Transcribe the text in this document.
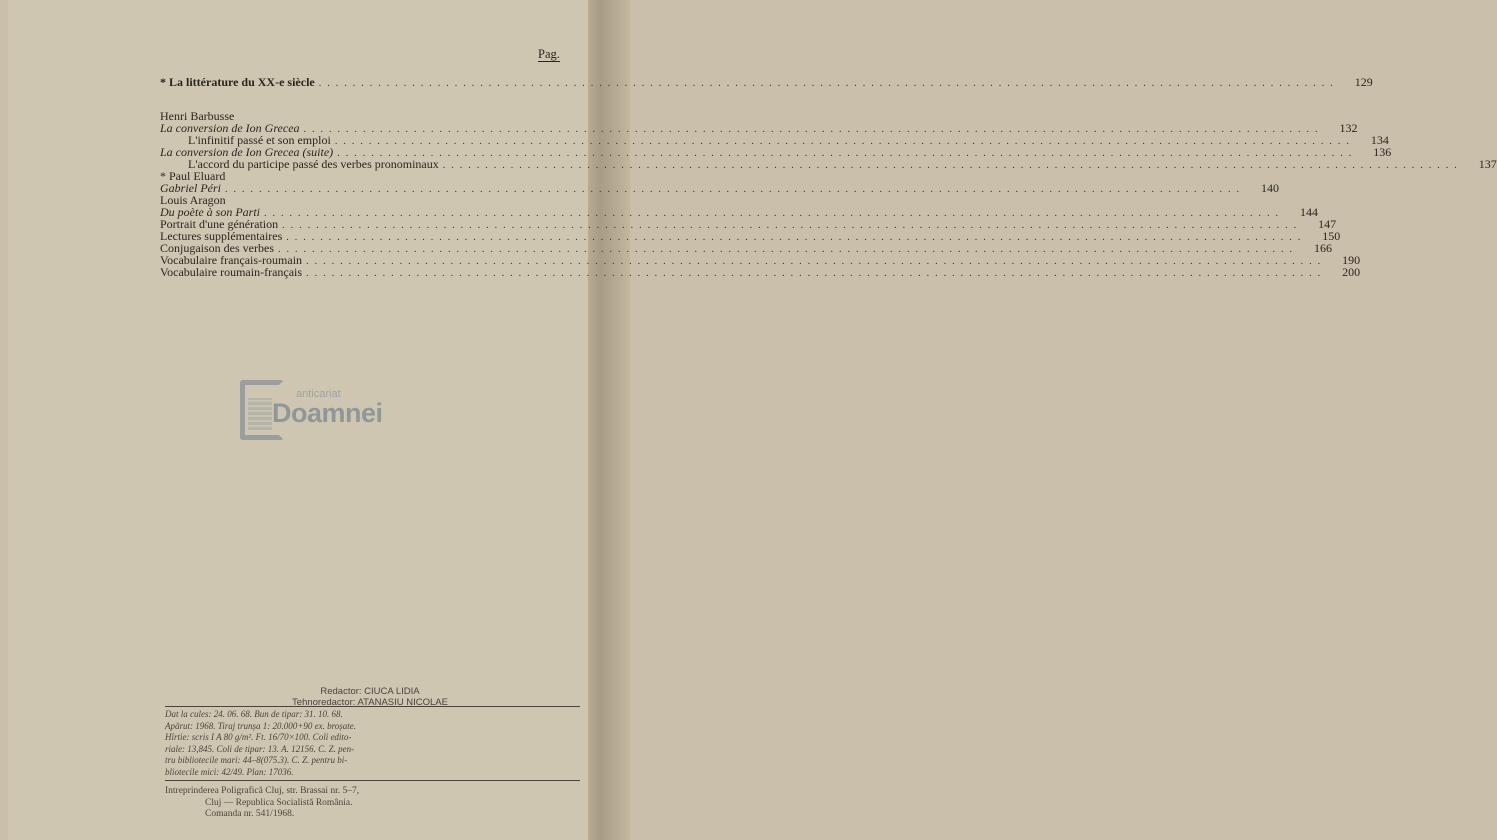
Pag.
* La littérature du XX-e siècle ........................................................................................................................	129
Henri Barbusse
La conversion de Ion Grecea ........................................................................................................................	132
L'infinitif passé et son emploi ........................................................................................................................	134
La conversion de Ion Grecea (suite) ........................................................................................................................	136
L'accord du participe passé des verbes pronominaux ........................................................................................................................	137
* Paul Eluard
Gabriel Péri ........................................................................................................................	140
Louis Aragon
Du poète à son Parti ........................................................................................................................	144
Portrait d'une génération ........................................................................................................................	147
Lectures supplémentaires ........................................................................................................................	150
Conjugaison des verbes ........................................................................................................................	166
Vocabulaire français-roumain ........................................................................................................................	190
Vocabulaire roumain-français ........................................................................................................................	200
anticariat
Doamnei
Redactor: CIUCA LIDIA
Tehnoredactor: ATANASIU NICOLAE
Dat la cules: 24. 06. 68. Bun de tipar: 31. 10. 68.
Apărut: 1968. Tiraj trunșa 1: 20.000+90 ex. broșate.
Hîrtie: scris I A 80 g/m². Ft. 16/70×100. Coli edito-
riale: 13,845. Coli de tipar: 13. A. 12156. C. Z. pen-
tru bibliotecile mari: 44–8(075.3). C. Z. pentru bi-
bliotecile mici: 42/49. Plan: 17036.
Intreprinderea Poligrafică Cluj, str. Brassai nr. 5–7,
Cluj — Republica Socialistă România.
Comanda nr. 541/1968.
